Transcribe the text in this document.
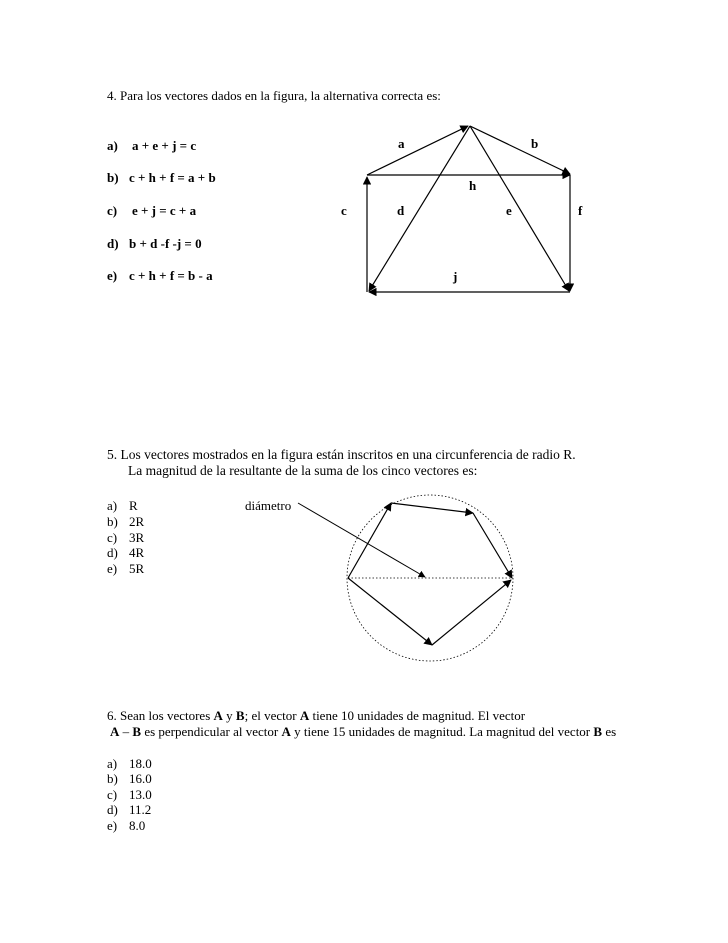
4. Para los vectores dados en la figura, la alternativa correcta es:
a) a + e + j = c
b) c + h + f = a + b
c) e + j = c + a
d) b + d -f -j = 0
e) c + h + f = b - a
a	b
h
c	d	e	f
j
5. Los vectores mostrados en la figura están inscritos en una circunferencia de radio R.
La magnitud de la resultante de la suma de los cinco vectores es:
a) R
b) 2R
c) 3R
d) 4R
e) 5R
diámetro
6. Sean los vectores A y B; el vector A tiene 10 unidades de magnitud. El vector
A – B es perpendicular al vector A y tiene 15 unidades de magnitud. La magnitud del vector B es
a) 18.0
b) 16.0
c) 13.0
d) 11.2
e) 8.0
